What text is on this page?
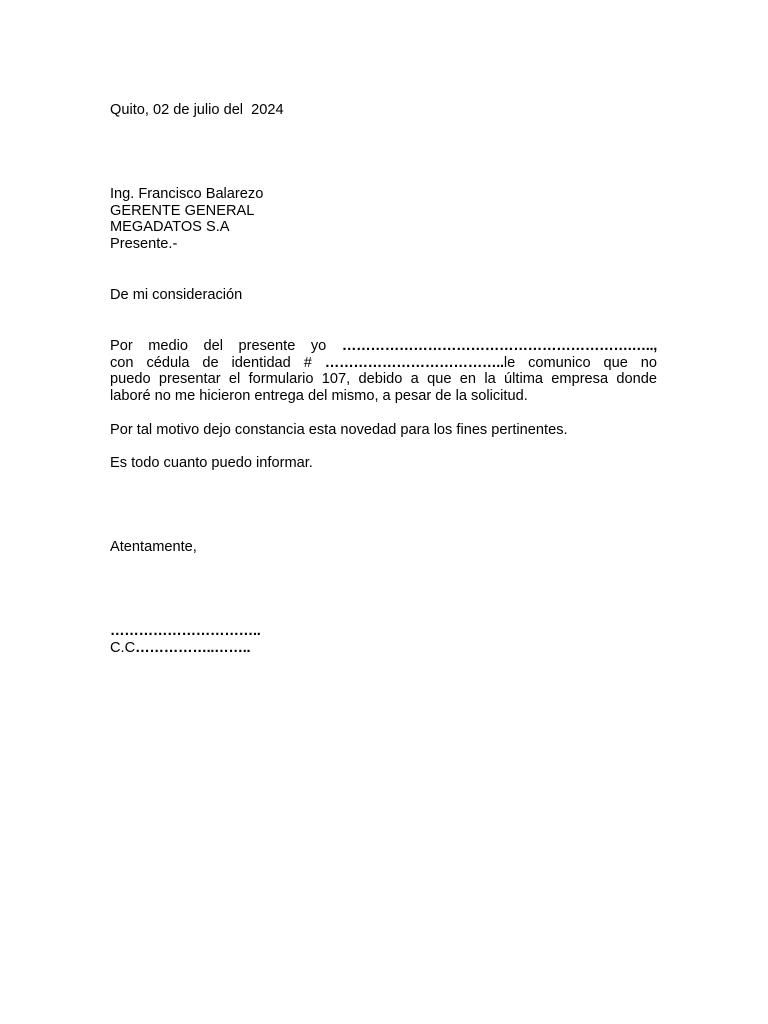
Quito, 02 de julio del  2024
Ing. Francisco Balarezo
GERENTE GENERAL
MEGADATOS S.A
Presente.-
De mi consideración
Por medio del presente yo …………………………………………………….…..,
con cédula de identidad # ………………………………..le comunico que no
puedo presentar el formulario 107, debido a que en la última empresa donde
laboré no me hicieron entrega del mismo, a pesar de la solicitud.
Por tal motivo dejo constancia esta novedad para los fines pertinentes.
Es todo cuanto puedo informar.
Atentamente,
…………………………..
C.C……………..……..
